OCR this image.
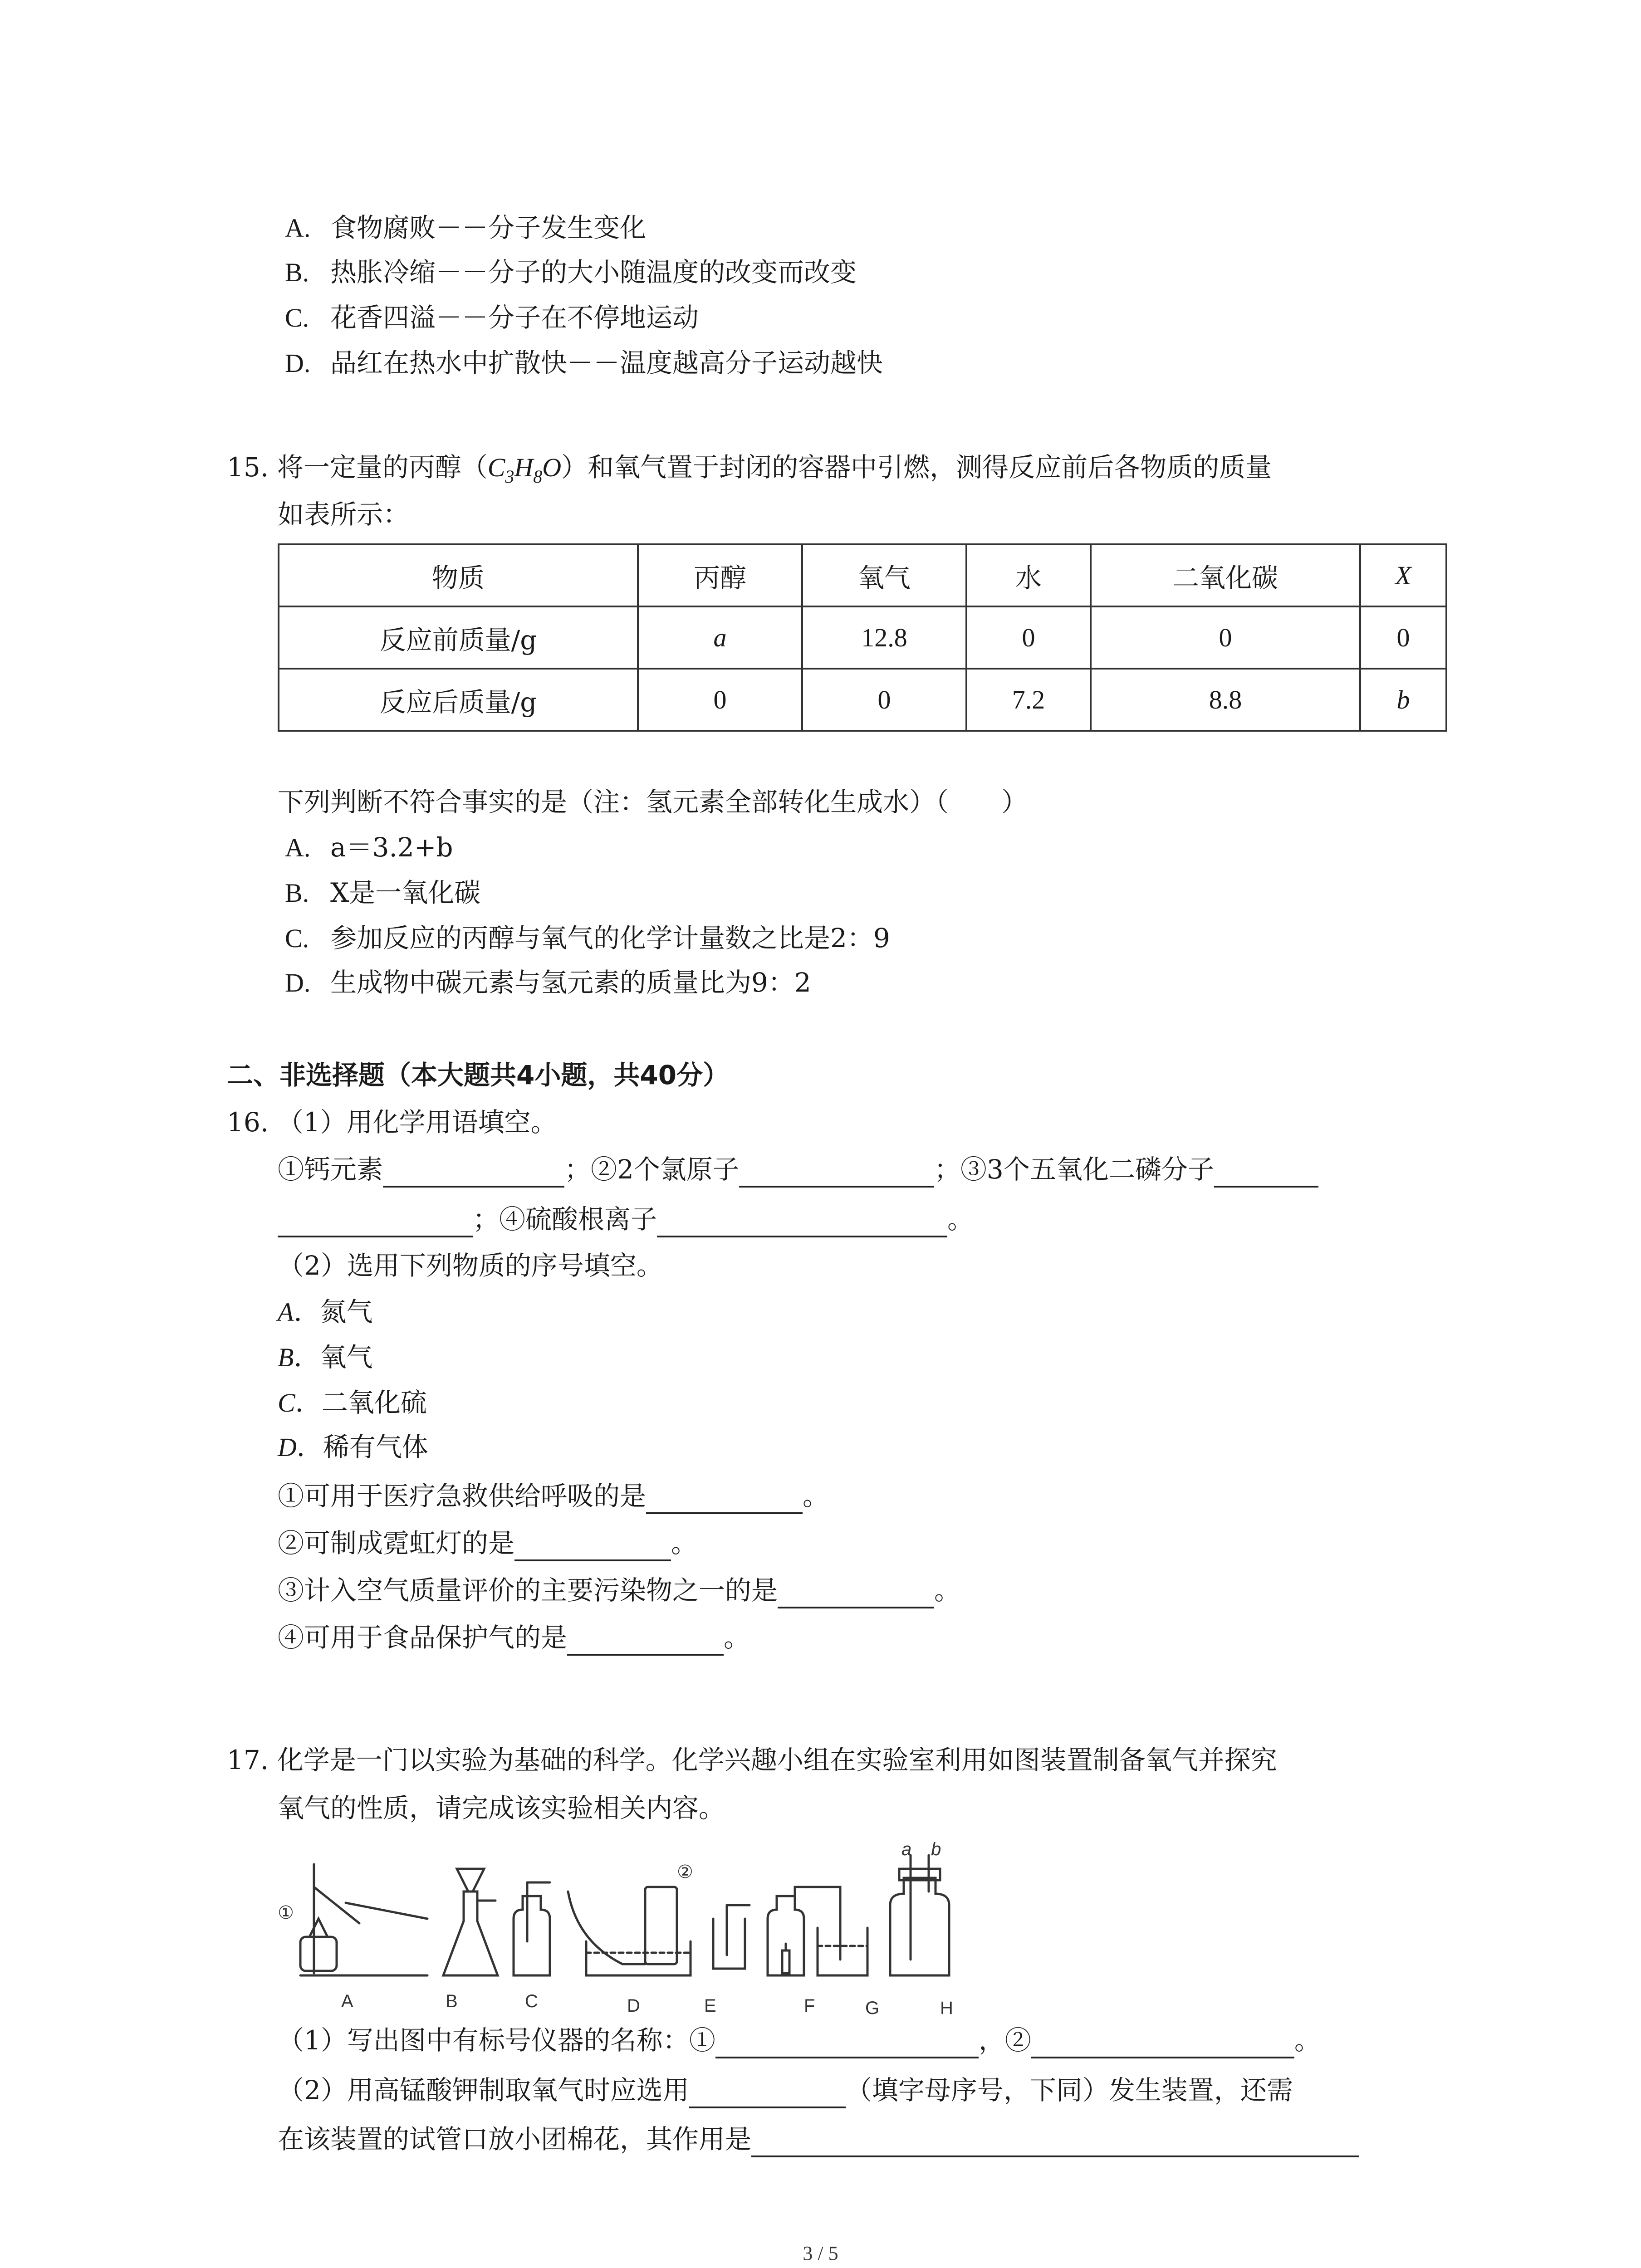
A. 食物腐败－－分子发生变化
B. 热胀冷缩－－分子的大小随温度的改变而改变
C. 花香四溢－－分子在不停地运动
D. 品红在热水中扩散快－－温度越高分子运动越快
15. 将一定量的丙醇$(C_3H_8O)$和氧气置于封闭的容器中引燃，测得反应前后各物质的质量
如表所示：
物质	丙醇	氧气	水	二氧化碳	X
反应前质量/g	a	12.8	0	0	0
反应后质量/g	0	0	7.2	8.8	b
下列判断不符合事实的是（注：氢元素全部转化生成水）（　　）
A. a＝3.2+b
B. X是一氧化碳
C. 参加反应的丙醇与氧气的化学计量数之比是2：9
D. 生成物中碳元素与氢元素的质量比为9：2
二、非选择题（本大题共4小题，共40分）
16. （1）用化学用语填空。
①钙元素	；②2个氯原子	；③3个五氧化二磷分子
；④硫酸根离子	。
（2）选用下列物质的序号填空。
A．氮气
B．氧气
C．二氧化硫
D．稀有气体
①可用于医疗急救供给呼吸的是	。
②可制成霓虹灯的是	。
③计入空气质量评价的主要污染物之一的是	。
④可用于食品保护气的是	。
17. 化学是一门以实验为基础的科学。化学兴趣小组在实验室利用如图装置制备氧气并探究
氧气的性质，请完成该实验相关内容。
①
②
a b
A	B	C	D	E	F	G	H
（1）写出图中有标号仪器的名称：①	，②	。
（2）用高锰酸钾制取氧气时应选用	（填字母序号，下同）发生装置，还需
在该装置的试管口放小团棉花，其作用是
3 / 5
